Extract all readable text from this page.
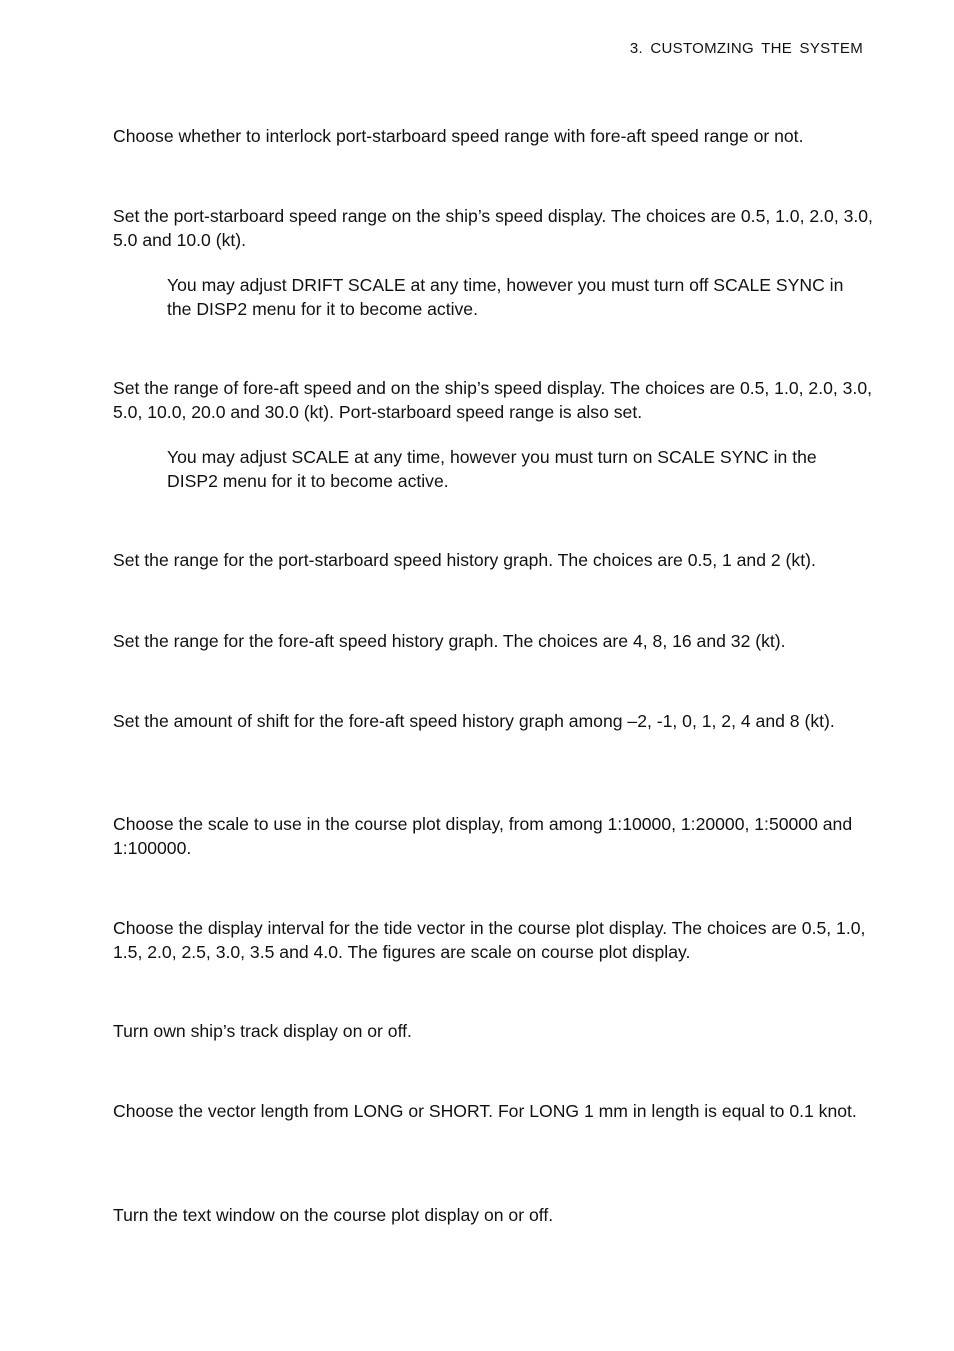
3. CUSTOMZING THE SYSTEM

Choose whether to interlock port-starboard speed range with fore-aft speed range or not.

Set the port-starboard speed range on the ship’s speed display. The choices are 0.5, 1.0, 2.0, 3.0, 5.0 and 10.0 (kt).

You may adjust DRIFT SCALE at any time, however you must turn off SCALE SYNC in the DISP2 menu for it to become active.

Set the range of fore-aft speed and on the ship’s speed display. The choices are 0.5, 1.0, 2.0, 3.0, 5.0, 10.0, 20.0 and 30.0 (kt). Port-starboard speed range is also set.

You may adjust SCALE at any time, however you must turn on SCALE SYNC in the DISP2 menu for it to become active.

Set the range for the port-starboard speed history graph. The choices are 0.5, 1 and 2 (kt).

Set the range for the fore-aft speed history graph. The choices are 4, 8, 16 and 32 (kt).

Set the amount of shift for the fore-aft speed history graph among –2, -1, 0, 1, 2, 4 and 8 (kt).

Choose the scale to use in the course plot display, from among 1:10000, 1:20000, 1:50000 and 1:100000.

Choose the display interval for the tide vector in the course plot display. The choices are 0.5, 1.0, 1.5, 2.0, 2.5, 3.0, 3.5 and 4.0. The figures are scale on course plot display.

Turn own ship’s track display on or off.

Choose the vector length from LONG or SHORT. For LONG 1 mm in length is equal to 0.1 knot.

Turn the text window on the course plot display on or off.
